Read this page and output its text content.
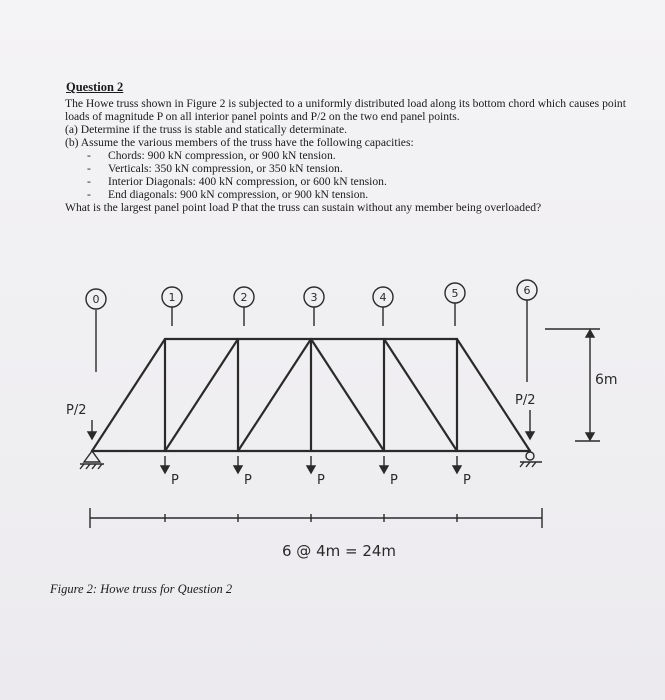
Question 2

The Howe truss shown in Figure 2 is subjected to a uniformly distributed load along its bottom chord which causes point loads of magnitude P on all interior panel points and P/2 on the two end panel points.

(a) Determine if the truss is stable and statically determinate.

(b) Assume the various members of the truss have the following capacities:

- Chords: 900 kN compression, or 900 kN tension.
- Verticals: 350 kN compression, or 350 kN tension.
- Interior Diagonals: 400 kN compression, or 600 kN tension.
- End diagonals: 900 kN compression, or 900 kN tension.

What is the largest panel point load P that the truss can sustain without any member being overloaded?

0	1	2	3	4	5	6
P/2
P/2
P	P	P	P	P
6m
6 @ 4m = 24m
Figure 2: Howe truss for Question 2
